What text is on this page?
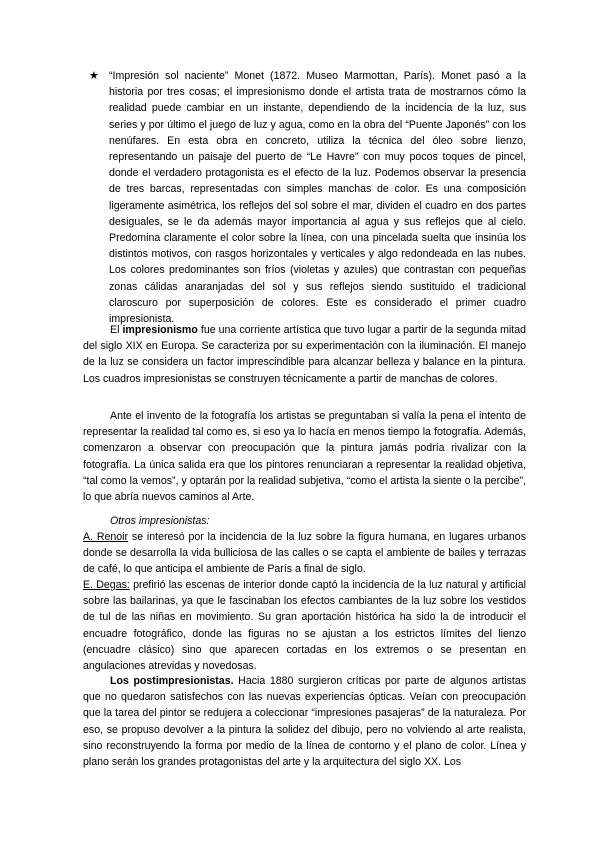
★ “Impresión sol naciente” Monet (1872. Museo Marmottan, París). Monet pasó a la historia por tres cosas; el impresionismo donde el artista trata de mostrarnos cómo la realidad puede cambiar en un instante, dependiendo de la incidencia de la luz, sus series y por último el juego de luz y agua, como en la obra del “Puente Japonés” con los nenúfares. En esta obra en concreto, utiliza la técnica del óleo sobre lienzo, representando un paisaje del puerto de “Le Havre” con muy pocos toques de pincel, donde el verdadero protagonista es el efecto de la luz. Podemos observar la presencia de tres barcas, representadas con simples manchas de color. Es una composición ligeramente asimétrica, los reflejos del sol sobre el mar, dividen el cuadro en dos partes desiguales, se le da además mayor importancia al agua y sus reflejos que al cielo. Predomina claramente el color sobre la línea, con una pincelada suelta que insinúa los distintos motivos, con rasgos horizontales y verticales y algo redondeada en las nubes. Los colores predominantes son fríos (violetas y azules) que contrastan con pequeñas zonas cálidas anaranjadas del sol y sus reflejos siendo sustituido el tradicional claroscuro por superposición de colores. Este es considerado el primer cuadro impresionista.

El impresionismo fue una corriente artística que tuvo lugar a partir de la segunda mitad del siglo XIX en Europa. Se caracteriza por su experimentación con la iluminación. El manejo de la luz se considera un factor imprescindible para alcanzar belleza y balance en la pintura. Los cuadros impresionistas se construyen técnicamente a partir de manchas de colores.

Ante el invento de la fotografía los artistas se preguntaban si valía la pena el intento de representar la realidad tal como es, si eso ya lo hacía en menos tiempo la fotografía. Además, comenzaron a observar con preocupación que la pintura jamás podría rivalizar con la fotografía. La única salida era que los pintores renunciaran a representar la realidad objetiva, “tal como la vemos”, y optarán por la realidad subjetiva, “como el artista la siente o la percibe”, lo que abría nuevos caminos al Arte.

Otros impresionistas:

A. Renoir se interesó por la incidencia de la luz sobre la figura humana, en lugares urbanos donde se desarrolla la vida bulliciosa de las calles o se capta el ambiente de bailes y terrazas de café, lo que anticipa el ambiente de París a final de siglo.

E. Degas: prefirió las escenas de interior donde captó la incidencia de la luz natural y artificial sobre las bailarinas, ya que le fascinaban los efectos cambiantes de la luz sobre los vestidos de tul de las niñas en movimiento. Su gran aportación histórica ha sido la de introducir el encuadre fotográfico, donde las figuras no se ajustan a los estrictos límites del lienzo (encuadre clásico) sino que aparecen cortadas en los extremos o se presentan en angulaciones atrevidas y novedosas.

Los postimpresionistas. Hacia 1880 surgieron críticas por parte de algunos artistas que no quedaron satisfechos con las nuevas experiencias ópticas. Veían con preocupación que la tarea del pintor se redujera a coleccionar “impresiones pasajeras” de la naturaleza. Por eso, se propuso devolver a la pintura la solidez del dibujo, pero no volviendo al arte realista, sino reconstruyendo la forma por medio de la línea de contorno y el plano de color. Línea y plano serán los grandes protagonistas del arte y la arquitectura del siglo XX. Los
